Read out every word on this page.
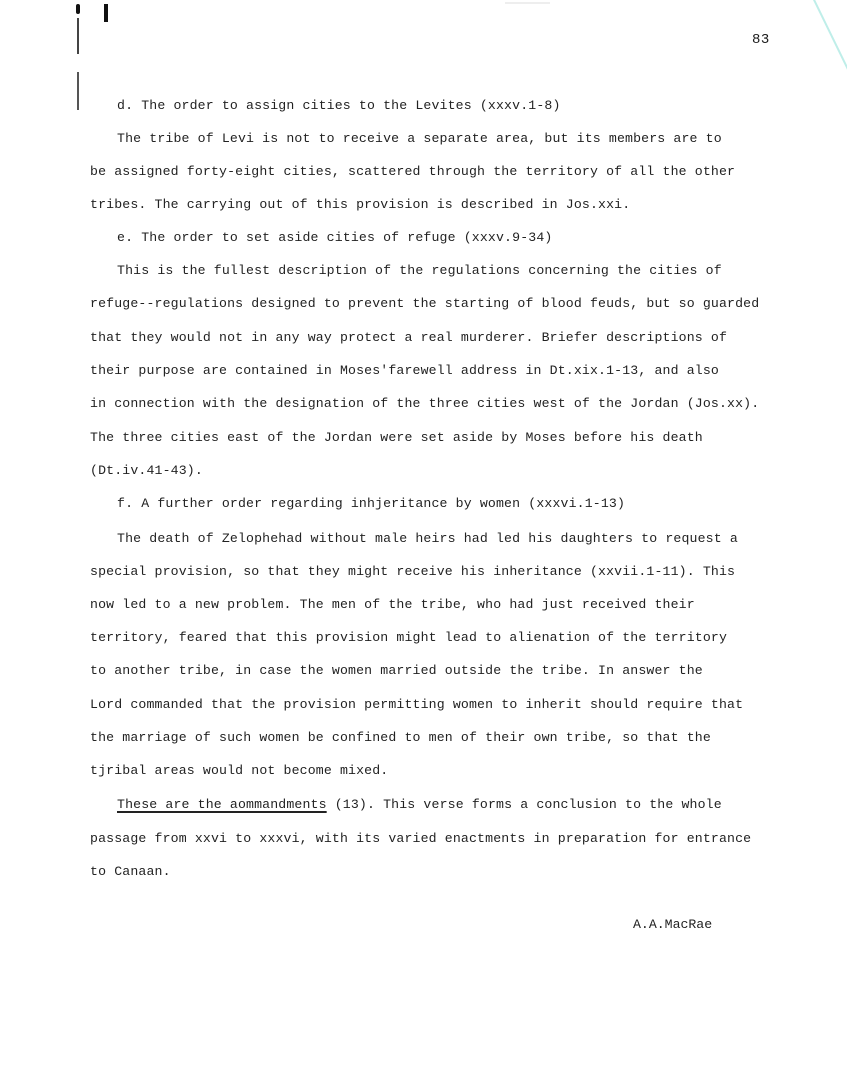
83
d. The order to assign cities to the Levites (xxxv.1-8)
The tribe of Levi is not to receive a separate area, but its members are to
be assigned forty-eight cities, scattered through the territory of all the other
tribes. The carrying out of this provision is described in Jos.xxi.
e. The order to set aside cities of refuge (xxxv.9-34)
This is the fullest description of the regulations concerning the cities of
refuge--regulations designed to prevent the starting of blood feuds, but so guarded
that they would not in any way protect a real murderer. Briefer descriptions of
their purpose are contained in Moses'farewell address in Dt.xix.1-13, and also
in connection with the designation of the three cities west of the Jordan (Jos.xx).
The three cities east of the Jordan were set aside by Moses before his death
(Dt.iv.41-43).
f. A further order regarding inhjeritance by women (xxxvi.1-13)
The death of Zelophehad without male heirs had led his daughters to request a
special provision, so that they might receive his inheritance (xxvii.1-11). This
now led to a new problem. The men of the tribe, who had just received their
territory, feared that this provision might lead to alienation of the territory
to another tribe, in case the women married outside the tribe. In answer the
Lord commanded that the provision permitting women to inherit should require that
the marriage of such women be confined to men of their own tribe, so that the
tjribal areas would not become mixed.
These are the aommandments (13). This verse forms a conclusion to the whole
passage from xxvi to xxxvi, with its varied enactments in preparation for entrance
to Canaan.
A.A.MacRae
